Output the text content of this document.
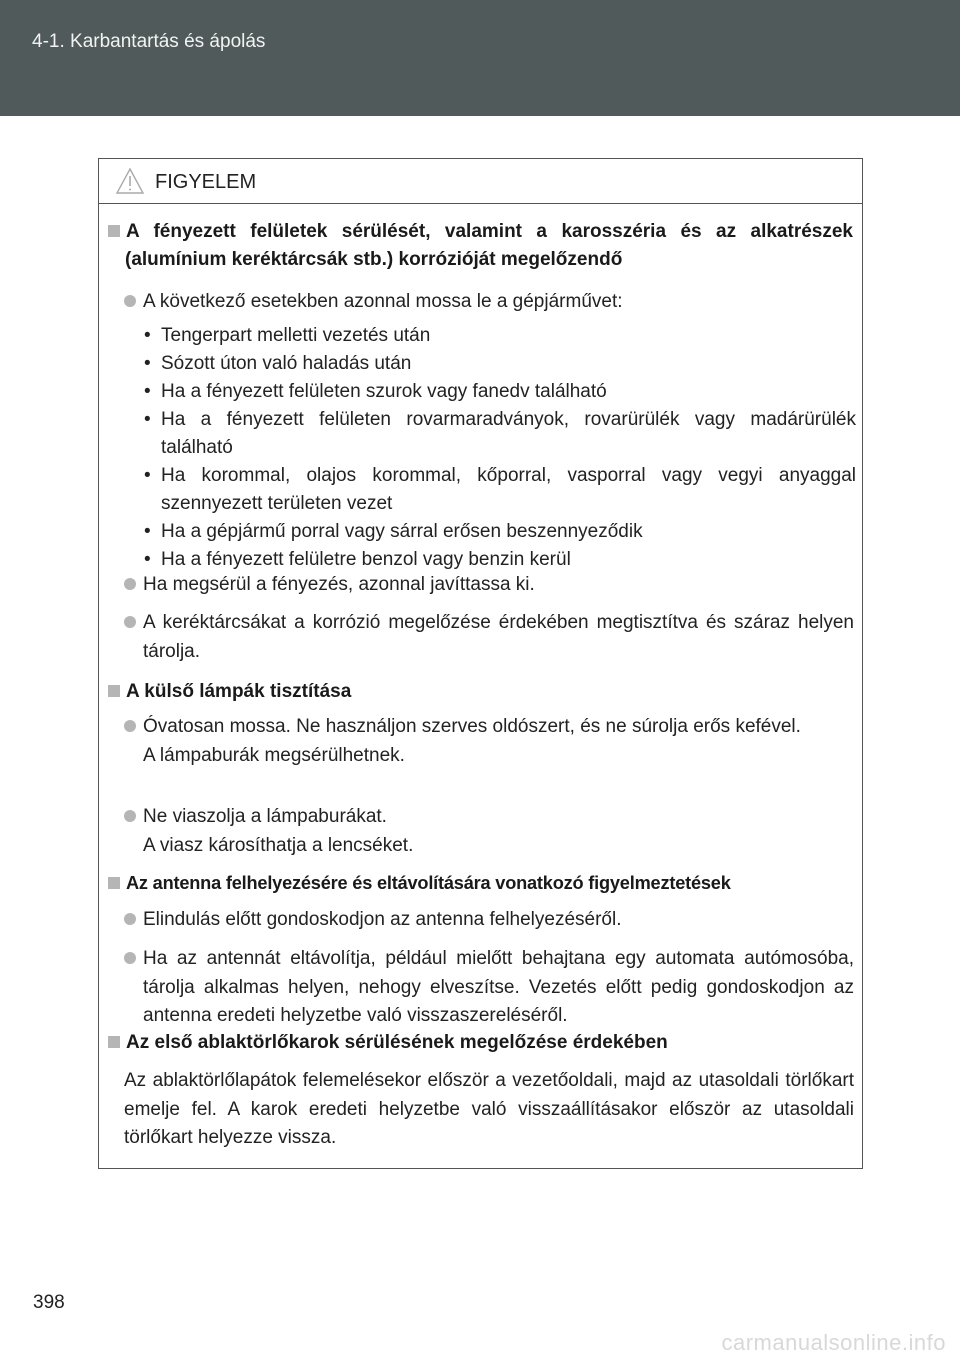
4-1. Karbantartás és ápolás
FIGYELEM
A fényezett felületek sérülését, valamint a karosszéria és az alkatrészek (alumínium keréktárcsák stb.) korrózióját megelőzendő
A következő esetekben azonnal mossa le a gépjárművet:
• Tengerpart melletti vezetés után
• Sózott úton való haladás után
• Ha a fényezett felületen szurok vagy fanedv található
• Ha a fényezett felületen rovarmaradványok, rovarürülék vagy madárürülék található
• Ha korommal, olajos korommal, kőporral, vasporral vagy vegyi anyaggal szennyezett területen vezet
• Ha a gépjármű porral vagy sárral erősen beszennyeződik
• Ha a fényezett felületre benzol vagy benzin kerül
Ha megsérül a fényezés, azonnal javíttassa ki.
A keréktárcsákat a korrózió megelőzése érdekében megtisztítva és száraz helyen tárolja.
A külső lámpák tisztítása
Óvatosan mossa. Ne használjon szerves oldószert, és ne súrolja erős kefével.
A lámpaburák megsérülhetnek.
Ne viaszolja a lámpaburákat.
A viasz károsíthatja a lencséket.
Az antenna felhelyezésére és eltávolítására vonatkozó figyelmeztetések
Elindulás előtt gondoskodjon az antenna felhelyezéséről.
Ha az antennát eltávolítja, például mielőtt behajtana egy automata autómosóba, tárolja alkalmas helyen, nehogy elveszítse. Vezetés előtt pedig gondoskodjon az antenna eredeti helyzetbe való visszaszereléséről.
Az első ablaktörlőkarok sérülésének megelőzése érdekében
Az ablaktörlőlapátok felemelésekor először a vezetőoldali, majd az utasoldali törlőkart emelje fel. A karok eredeti helyzetbe való visszaállításakor először az utasoldali törlőkart helyezze vissza.
398
carmanualsonline.info
